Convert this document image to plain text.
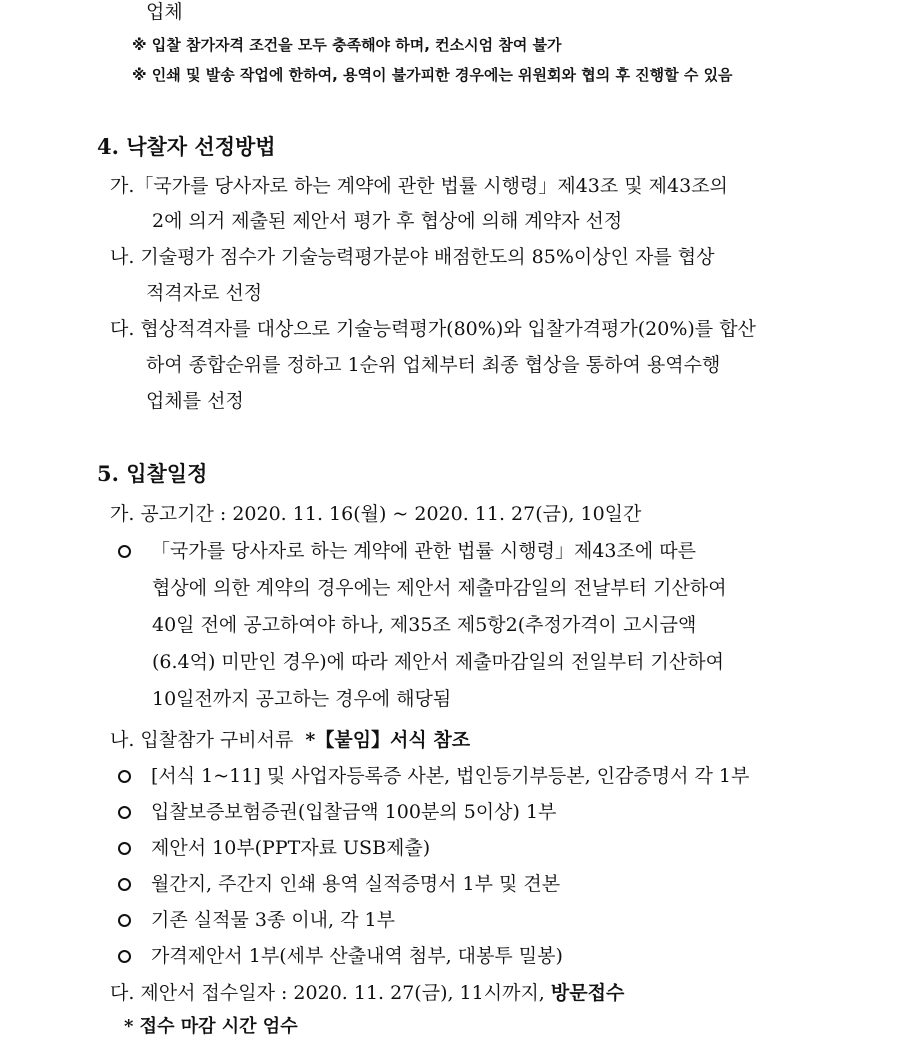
업체
※ 입찰 참가자격 조건을 모두 충족해야 하며, 컨소시엄 참여 불가
※ 인쇄 및 발송 작업에 한하여, 용역이 불가피한 경우에는 위원회와 협의 후 진행할 수 있음
4. 낙찰자 선정방법
가.「국가를 당사자로 하는 계약에 관한 법률 시행령」제43조 및 제43조의
2에 의거 제출된 제안서 평가 후 협상에 의해 계약자 선정
나. 기술평가 점수가 기술능력평가분야 배점한도의 85%이상인 자를 협상
적격자로 선정
다. 협상적격자를 대상으로 기술능력평가(80%)와 입찰가격평가(20%)를 합산
하여 종합순위를 정하고 1순위 업체부터 최종 협상을 통하여 용역수행
업체를 선정
5. 입찰일정
가. 공고기간 : 2020. 11. 16(월) ~ 2020. 11. 27(금), 10일간
「국가를 당사자로 하는 계약에 관한 법률 시행령」제43조에 따른
협상에 의한 계약의 경우에는 제안서 제출마감일의 전날부터 기산하여
40일 전에 공고하여야 하나, 제35조 제5항2(추정가격이 고시금액
(6.4억) 미만인 경우)에 따라 제안서 제출마감일의 전일부터 기산하여
10일전까지 공고하는 경우에 해당됨
나. 입찰참가 구비서류 *【붙임】서식 참조
[서식 1~11] 및 사업자등록증 사본, 법인등기부등본, 인감증명서 각 1부
입찰보증보험증권(입찰금액 100분의 5이상) 1부
제안서 10부(PPT자료 USB제출)
월간지, 주간지 인쇄 용역 실적증명서 1부 및 견본
기존 실적물 3종 이내, 각 1부
가격제안서 1부(세부 산출내역 첨부, 대봉투 밀봉)
다. 제안서 접수일자 : 2020. 11. 27(금), 11시까지, 방문접수
* 접수 마감 시간 엄수
